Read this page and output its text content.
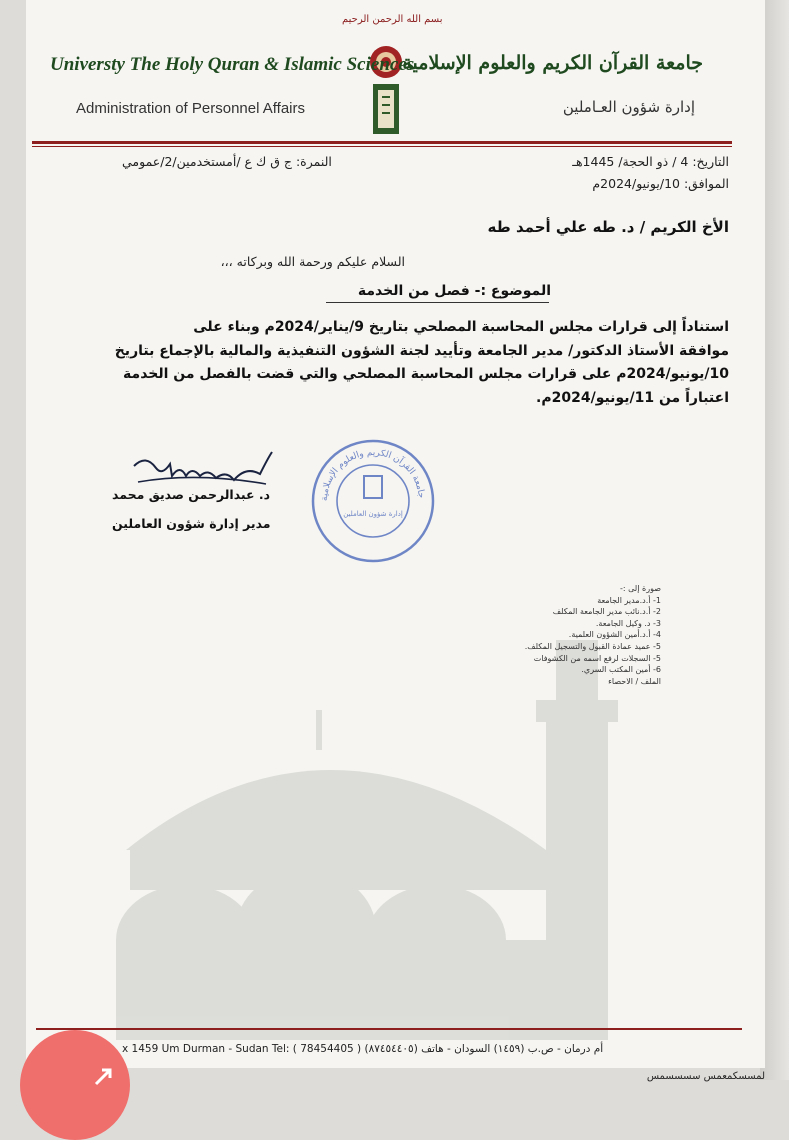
بسم الله الرحمن الرحيم
Universty The Holy Quran & Islamic Sciences
Administration of Personnel Affairs
جامعة القرآن الكريم والعلوم الإسلامية
إدارة شؤون العـاملين
التاريخ: 4 / ذو الحجة/ 1445هـ
الموافق: 10/يونيو/2024م
النمرة: ج ق ك ع /أمستخدمين/2/عمومي
الأخ الكريم / د. طه علي أحمد طه
السلام عليكم ورحمة الله وبركاته ،،،
الموضوع :- فصل من الخدمة

استناداً إلى قرارات مجلس المحاسبة المصلحي بتاريخ 9/يناير/2024م وبناء على

موافقة الأستاذ الدكتور/ مدير الجامعة وتأييد لجنة الشؤون التنفيذية والمالية بالإجماع بتاريخ

10/يونيو/2024م على قرارات مجلس المحاسبة المصلحي والتي قضت بالفصل من الخدمة

اعتباراً من 11/يونيو/2024م.

د. عبدالرحمن صديق محمد
مدير إدارة شؤون العاملين
جامعة القرآن الكريم والعلوم الإسلامية
إدارة شؤون العاملين
صورة إلى :-
1- أ.د.مدير الجامعة
2- أ.د.نائب مدير الجامعة المكلف
3- د. وكيل الجامعة.
4- أ.د.أمين الشؤون العلمية.
5- عميد عمادة القبول والتسجيل المكلف.
5- السجلات لرفع اسمه من الكشوفات
6- أمين المكتب السري.
الملف / الاحصاء
أم درمان - ص.ب (١٤٥٩) السودان - هاتف (٨٧٤٥٤٤٠٥) x 1459 Um Durman - Sudan Tel: ( 78454405 )
لمسسكمعمس سسسسمس
